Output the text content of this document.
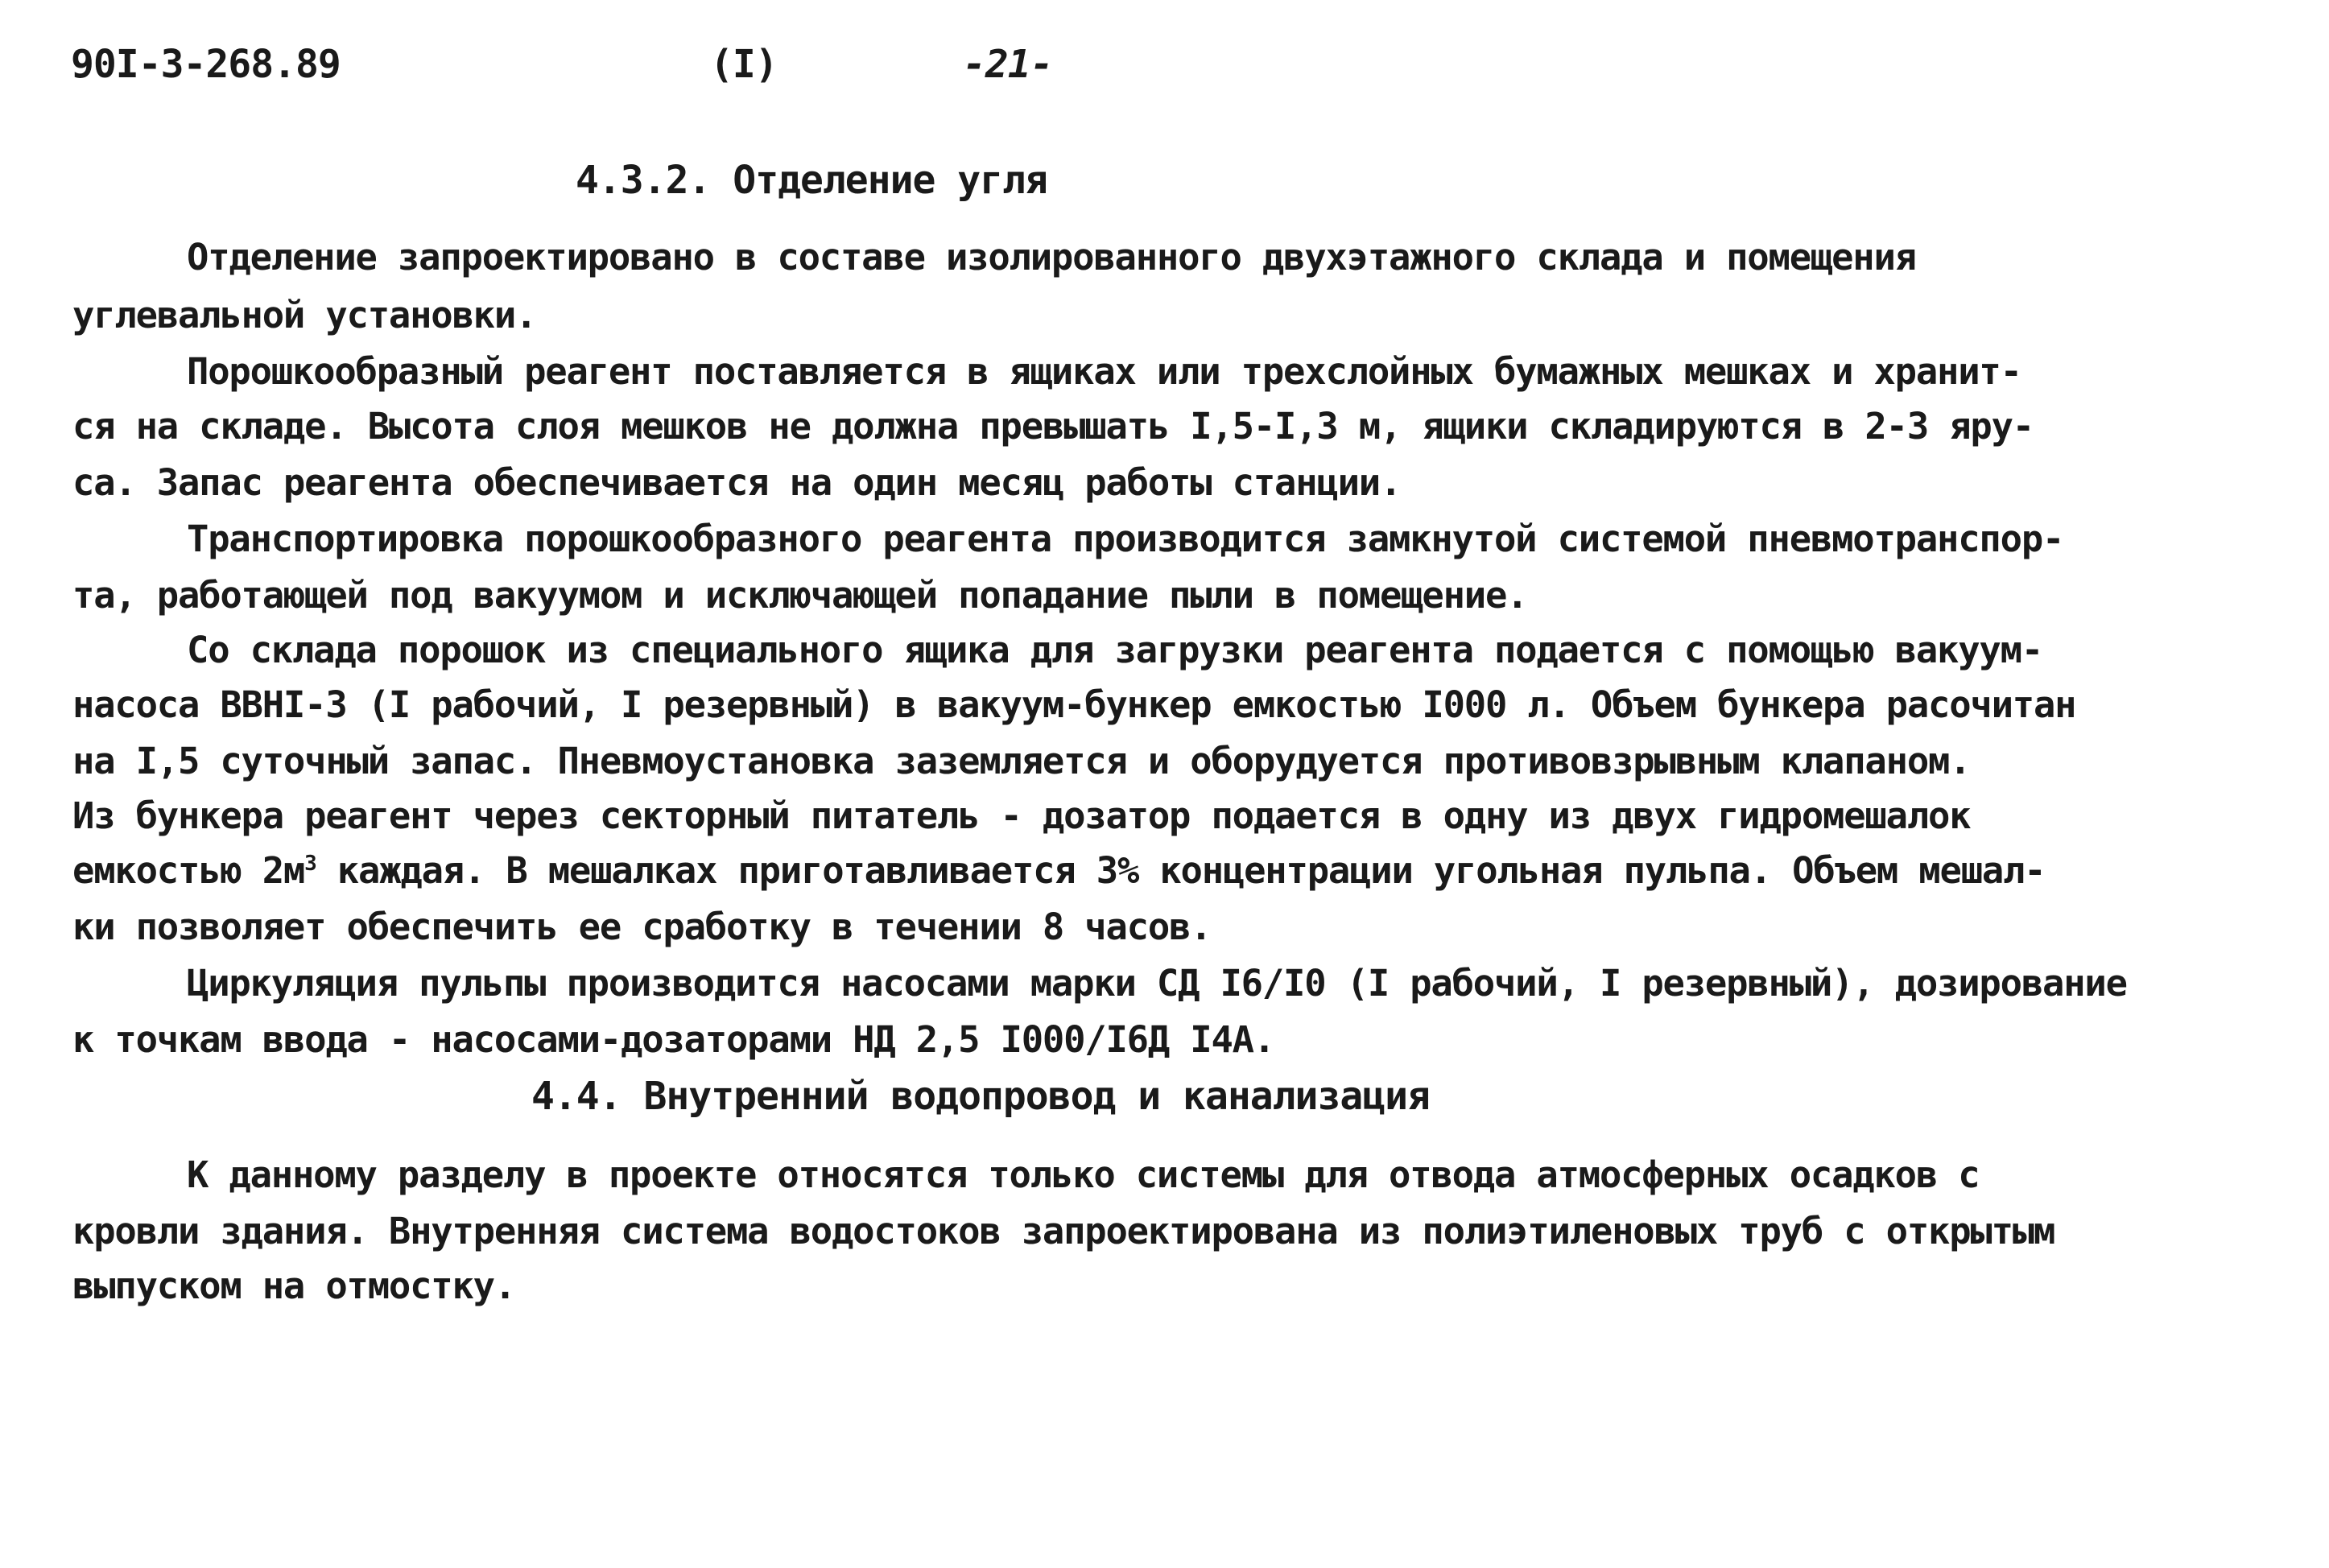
90I-3-268.89	(I)	-21-
4.3.2. Отделение угля
Отделение запроектировано в составе изолированного двухэтажного склада и помещения
углевальной установки.
Порошкообразный реагент поставляется в ящиках или трехслойных бумажных мешках и хранит-
ся на складе. Высота слоя мешков не должна превышать I,5-I,3 м, ящики складируются в 2-3 яру-
са. Запас реагента обеспечивается на один месяц работы станции.
Транспортировка порошкообразного реагента производится замкнутой системой пневмотранспор-
та, работающей под вакуумом и исключающей попадание пыли в помещение.
Со склада порошок из специального ящика для загрузки реагента подается с помощью вакуум-
насоса ВВНI-3 (I рабочий, I резервный) в вакуум-бункер емкостью I000 л. Объем бункера расочитан
на I,5 суточный запас. Пневмоустановка заземляется и оборудуется противовзрывным клапаном.
Из бункера реагент через секторный питатель - дозатор подается в одну из двух гидромешалок
емкостью $2м^3$ каждая. В мешалках приготавливается 3% концентрации угольная пульпа. Объем мешал-
ки позволяет обеспечить ее сработку в течении 8 часов.
Циркуляция пульпы производится насосами марки СД I6/I0 (I рабочий, I резервный), дозирование
к точкам ввода - насосами-дозаторами НД 2,5 I000/I6Д I4А.
4.4. Внутренний водопровод и канализация
К данному разделу в проекте относятся только системы для отвода атмосферных осадков с
кровли здания. Внутренняя система водостоков запроектирована из полиэтиленовых труб с открытым
выпуском на отмостку.
